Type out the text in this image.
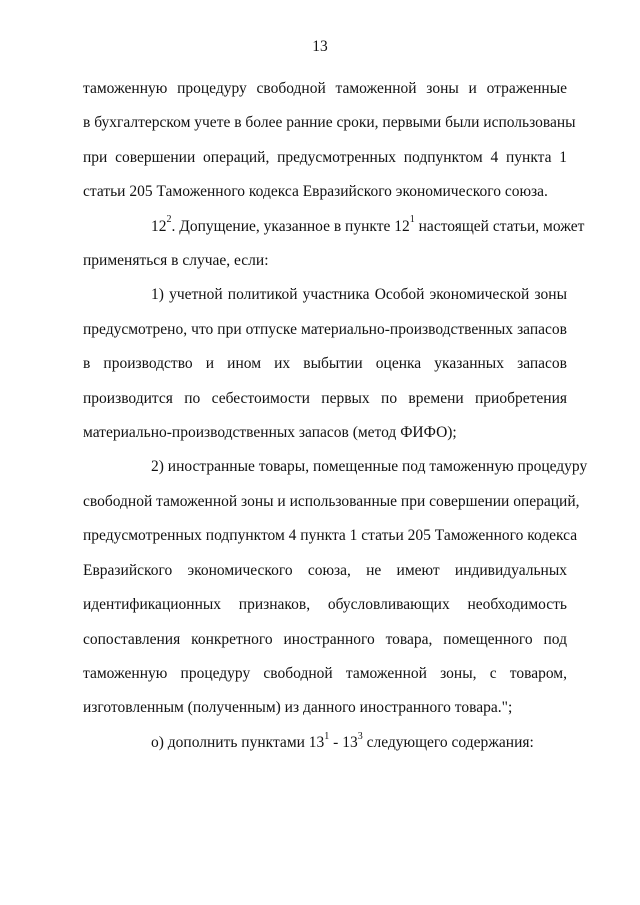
13
таможенную процедуру свободной таможенной зоны и отраженные
в бухгалтерском учете в более ранние сроки, первыми были использованы
при совершении операций, предусмотренных подпунктом 4 пункта 1
статьи 205 Таможенного кодекса Евразийского экономического союза.
$12^2$. Допущение, указанное в пункте $12^1$ настоящей статьи, может
применяться в случае, если:
1) учетной политикой участника Особой экономической зоны
предусмотрено, что при отпуске материально-производственных запасов
в производство и ином их выбытии оценка указанных запасов
производится по себестоимости первых по времени приобретения
материально-производственных запасов (метод ФИФО);
2) иностранные товары, помещенные под таможенную процедуру
свободной таможенной зоны и использованные при совершении операций,
предусмотренных подпунктом 4 пункта 1 статьи 205 Таможенного кодекса
Евразийского экономического союза, не имеют индивидуальных
идентификационных признаков, обусловливающих необходимость
сопоставления конкретного иностранного товара, помещенного под
таможенную процедуру свободной таможенной зоны, с товаром,
изготовленным (полученным) из данного иностранного товара.";
о) дополнить пунктами $13^1 - 13^3$ следующего содержания:
